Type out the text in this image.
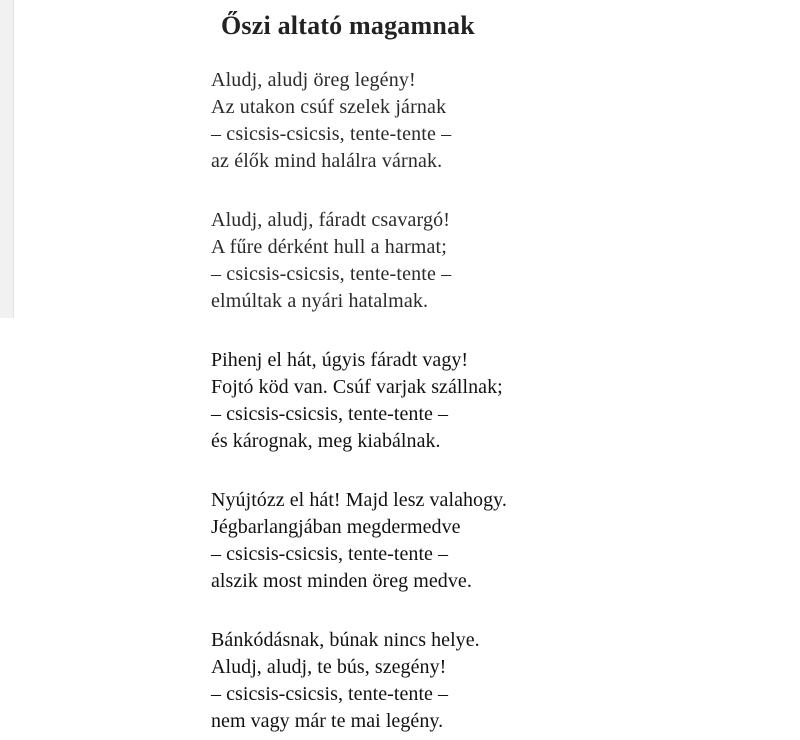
Őszi altató magamnak
Aludj, aludj öreg legény!
Az utakon csúf szelek járnak
– csicsis-csicsis, tente-tente –
az élők mind halálra várnak.
Aludj, aludj, fáradt csavargó!
A fűre dérként hull a harmat;
– csicsis-csicsis, tente-tente –
elmúltak a nyári hatalmak.
Pihenj el hát, úgyis fáradt vagy!
Fojtó köd van. Csúf varjak szállnak;
– csicsis-csicsis, tente-tente –
és kárognak, meg kiabálnak.
Nyújtózz el hát! Majd lesz valahogy.
Jégbarlangjában megdermedve
– csicsis-csicsis, tente-tente –
alszik most minden öreg medve.
Bánkódásnak, búnak nincs helye.
Aludj, aludj, te bús, szegény!
– csicsis-csicsis, tente-tente –
nem vagy már te mai legény.
